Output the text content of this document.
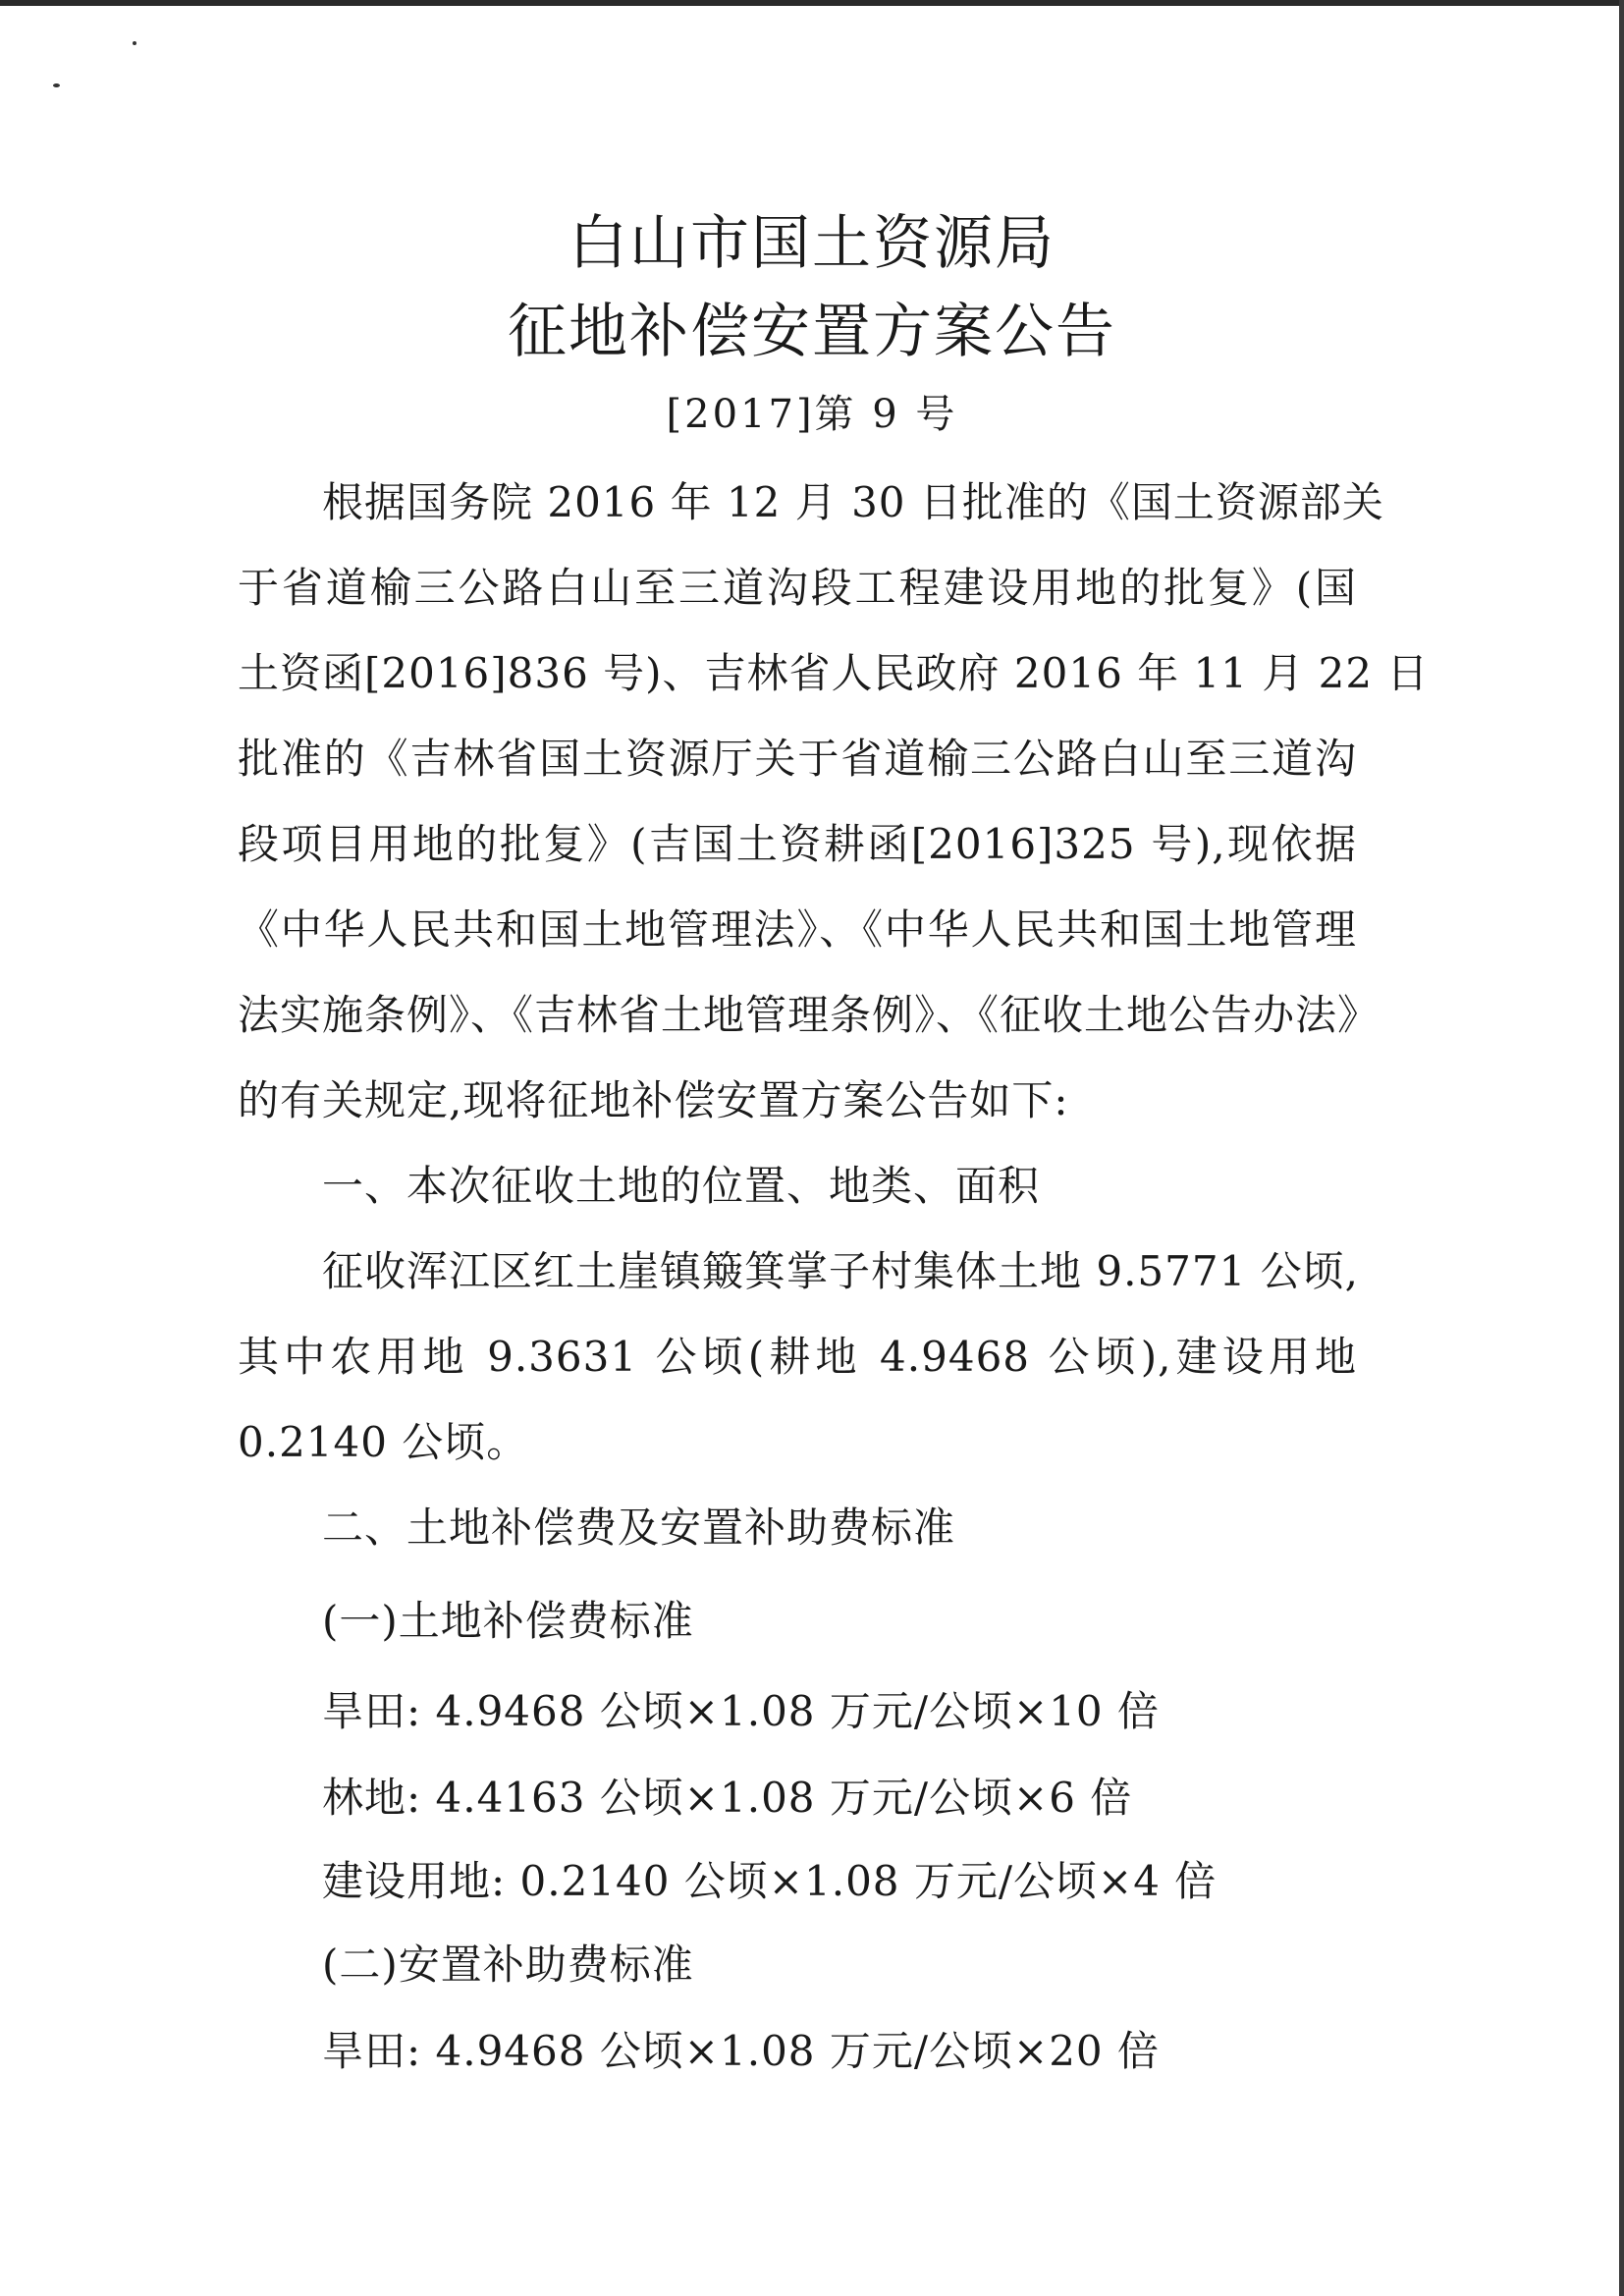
白山市国土资源局
征地补偿安置方案公告
[2017]第 9 号
根据国务院 2016 年 12 月 30 日批准的《国土资源部关
于省道榆三公路白山至三道沟段工程建设用地的批复》(国
土资函[2016]836 号)、吉林省人民政府 2016 年 11 月 22 日
批准的《吉林省国土资源厅关于省道榆三公路白山至三道沟
段项目用地的批复》(吉国土资耕函[2016]325 号),现依据
《中华人民共和国土地管理法》、《中华人民共和国土地管理
法实施条例》、《吉林省土地管理条例》、《征收土地公告办法》
的有关规定,现将征地补偿安置方案公告如下:
一、本次征收土地的位置、地类、面积
征收浑江区红土崖镇簸箕掌子村集体土地 9.5771 公顷,
其中农用地 9.3631 公顷(耕地 4.9468 公顷),建设用地
0.2140 公顷。
二、土地补偿费及安置补助费标准
(一)土地补偿费标准
旱田: 4.9468 公顷×1.08 万元/公顷×10 倍
林地: 4.4163 公顷×1.08 万元/公顷×6 倍
建设用地: 0.2140 公顷×1.08 万元/公顷×4 倍
(二)安置补助费标准
旱田: 4.9468 公顷×1.08 万元/公顷×20 倍
